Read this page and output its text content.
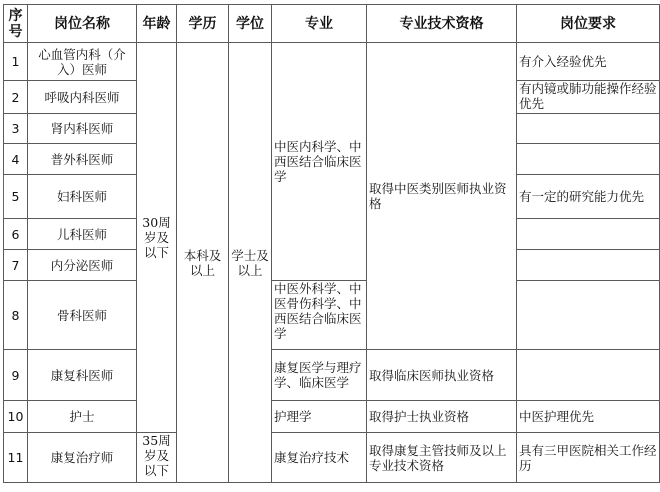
序号	岗位名称	年龄	学历	学位	专业	专业技术资格	岗位要求
1	心血管内科（介入）医师	30周岁及以下	本科及以上	学士及以上	中医内科学、中西医结合临床医学	取得中医类别医师执业资格	有介入经验优先
2	呼吸内科医师						有内镜或肺功能操作经验优先
3	肾内科医师						
4	普外科医师						
5	妇科医师						有一定的研究能力优先
6	儿科医师						
7	内分泌医师						
8	骨科医师				中医外科学、中医骨伤科学、中西医结合临床医学		
9	康复科医师				康复医学与理疗学、临床医学	取得临床医师执业资格	
10	护士				护理学	取得护士执业资格	中医护理优先
11	康复治疗师	35周岁及以下			康复治疗技术	取得康复主管技师及以上专业技术资格	具有三甲医院相关工作经历
